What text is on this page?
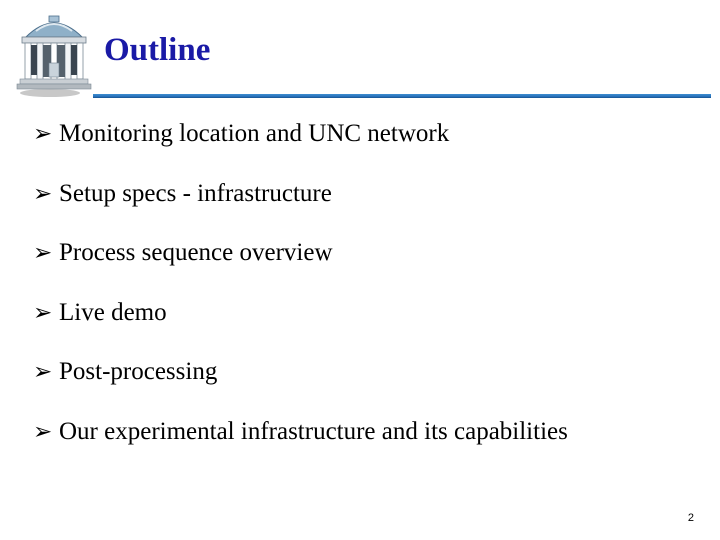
Outline
➢ Monitoring location and UNC network
➢ Setup specs - infrastructure
➢ Process sequence overview
➢ Live demo
➢ Post-processing
➢ Our experimental infrastructure and its capabilities
2
